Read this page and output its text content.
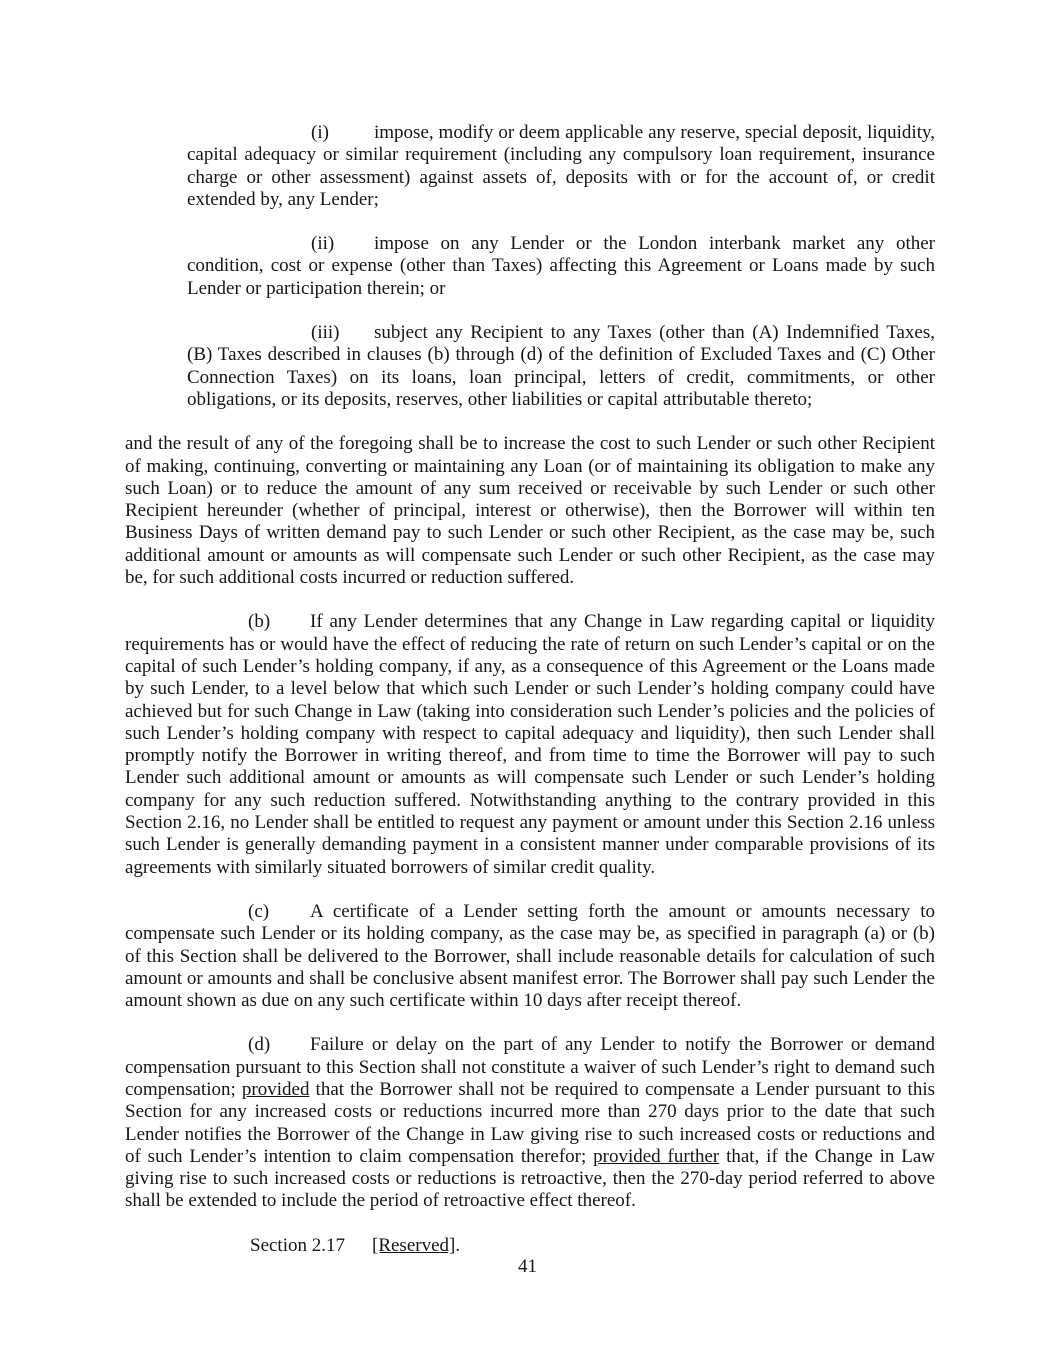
(i) impose, modify or deem applicable any reserve, special deposit, liquidity, capital adequacy or similar requirement (including any compulsory loan requirement, insurance charge or other assessment) against assets of, deposits with or for the account of, or credit extended by, any Lender;

(ii) impose on any Lender or the London interbank market any other condition, cost or expense (other than Taxes) affecting this Agreement or Loans made by such Lender or participation therein; or

(iii) subject any Recipient to any Taxes (other than (A) Indemnified Taxes, (B) Taxes described in clauses (b) through (d) of the definition of Excluded Taxes and (C) Other Connection Taxes) on its loans, loan principal, letters of credit, commitments, or other obligations, or its deposits, reserves, other liabilities or capital attributable thereto;

and the result of any of the foregoing shall be to increase the cost to such Lender or such other Recipient of making, continuing, converting or maintaining any Loan (or of maintaining its obligation to make any such Loan) or to reduce the amount of any sum received or receivable by such Lender or such other Recipient hereunder (whether of principal, interest or otherwise), then the Borrower will within ten Business Days of written demand pay to such Lender or such other Recipient, as the case may be, such additional amount or amounts as will compensate such Lender or such other Recipient, as the case may be, for such additional costs incurred or reduction suffered.

(b) If any Lender determines that any Change in Law regarding capital or liquidity requirements has or would have the effect of reducing the rate of return on such Lender’s capital or on the capital of such Lender’s holding company, if any, as a consequence of this Agreement or the Loans made by such Lender, to a level below that which such Lender or such Lender’s holding company could have achieved but for such Change in Law (taking into consideration such Lender’s policies and the policies of such Lender’s holding company with respect to capital adequacy and liquidity), then such Lender shall promptly notify the Borrower in writing thereof, and from time to time the Borrower will pay to such Lender such additional amount or amounts as will compensate such Lender or such Lender’s holding company for any such reduction suffered. Notwithstanding anything to the contrary provided in this Section 2.16, no Lender shall be entitled to request any payment or amount under this Section 2.16 unless such Lender is generally demanding payment in a consistent manner under comparable provisions of its agreements with similarly situated borrowers of similar credit quality.

(c) A certificate of a Lender setting forth the amount or amounts necessary to compensate such Lender or its holding company, as the case may be, as specified in paragraph (a) or (b) of this Section shall be delivered to the Borrower, shall include reasonable details for calculation of such amount or amounts and shall be conclusive absent manifest error. The Borrower shall pay such Lender the amount shown as due on any such certificate within 10 days after receipt thereof.

(d) Failure or delay on the part of any Lender to notify the Borrower or demand compensation pursuant to this Section shall not constitute a waiver of such Lender’s right to demand such compensation; provided that the Borrower shall not be required to compensate a Lender pursuant to this Section for any increased costs or reductions incurred more than 270 days prior to the date that such Lender notifies the Borrower of the Change in Law giving rise to such increased costs or reductions and of such Lender’s intention to claim compensation therefor; provided further that, if the Change in Law giving rise to such increased costs or reductions is retroactive, then the 270-day period referred to above shall be extended to include the period of retroactive effect thereof.

Section 2.17 [Reserved].

41
